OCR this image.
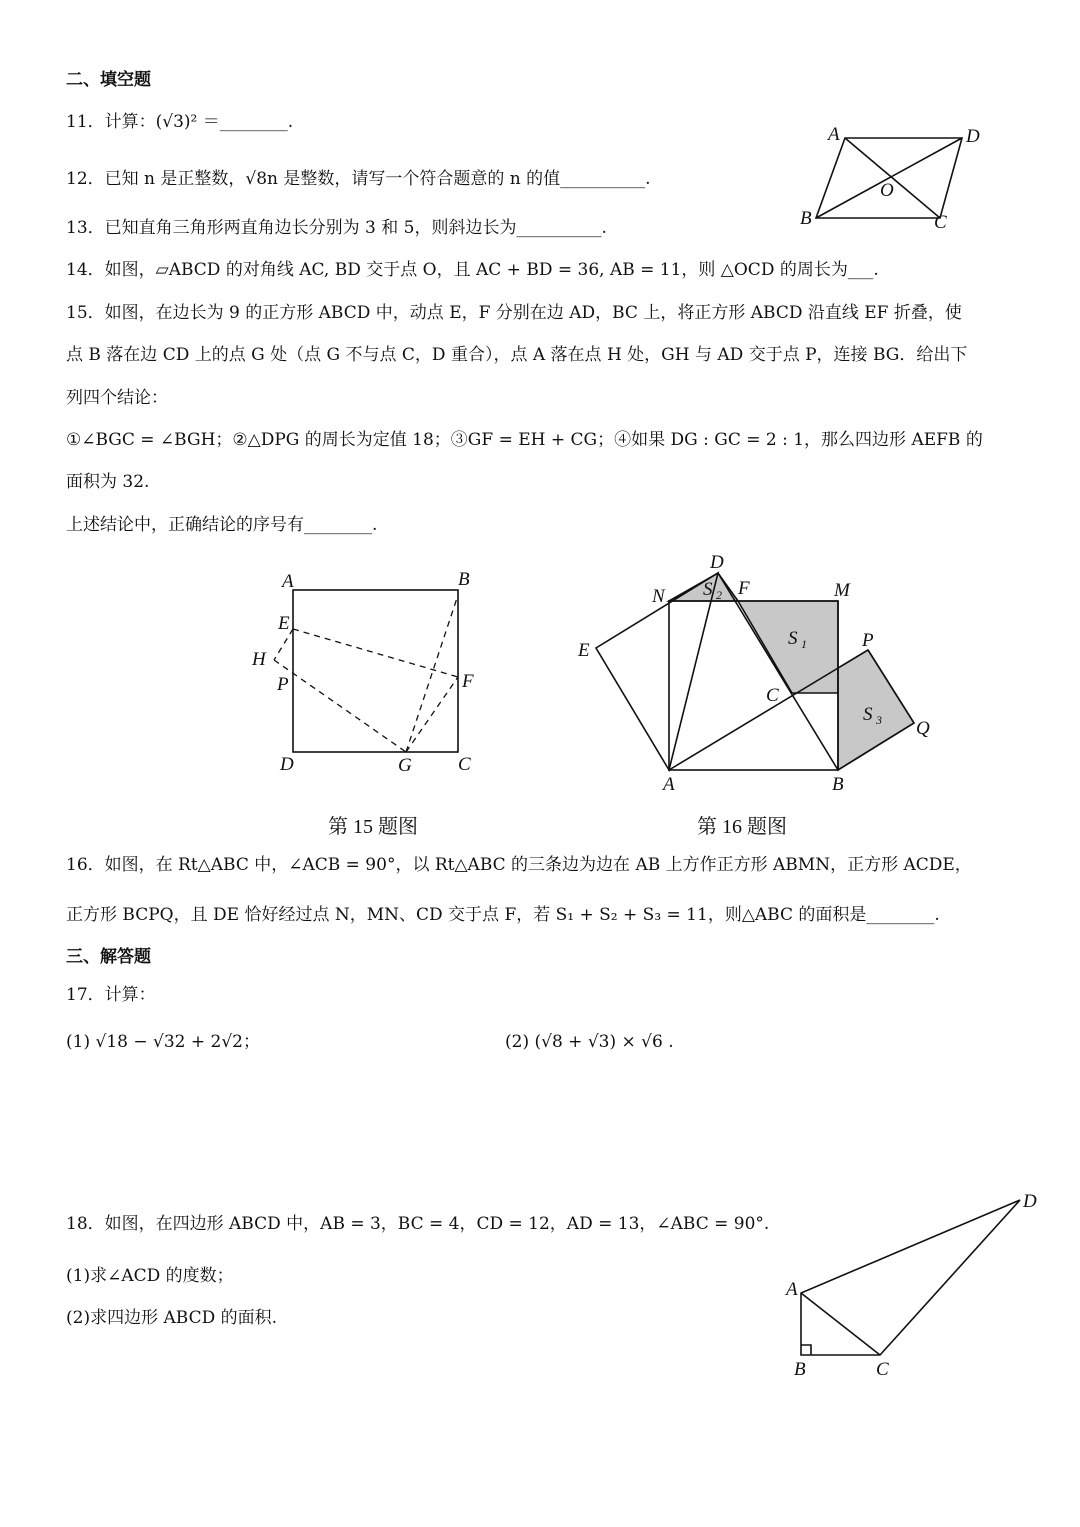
二、填空题
11．计算：(√3)² ＝________.
12．已知 n 是正整数，√8n 是整数，请写一个符合题意的 n 的值__________.
13．已知直角三角形两直角边长分别为 3 和 5，则斜边长为__________.
14．如图，▱ABCD 的对角线 AC, BD 交于点 O，且 AC + BD = 36, AB = 11，则 △OCD 的周长为___.
15．如图，在边长为 9 的正方形 ABCD 中，动点 E，F 分别在边 AD，BC 上，将正方形 ABCD 沿直线 EF 折叠，使
点 B 落在边 CD 上的点 G 处（点 G 不与点 C，D 重合），点 A 落在点 H 处，GH 与 AD 交于点 P，连接 BG．给出下
列四个结论：
①∠BGC = ∠BGH；②△DPG 的周长为定值 18；③GF = EH + CG；④如果 DG : GC = 2 : 1，那么四边形 AEFB 的
面积为 32.
上述结论中，正确结论的序号有________.
A	D
B	C
O
A	B
C
D
E
F
G
H
P
A	B
C
D
E
F	M
N
P
Q
S 1
S 2
S 3
第 15 题图	第 16 题图
16．如图，在 Rt△ABC 中，∠ACB = 90°，以 Rt△ABC 的三条边为边在 AB 上方作正方形 ABMN，正方形 ACDE，
正方形 BCPQ，且 DE 恰好经过点 N，MN、CD 交于点 F，若 S₁ + S₂ + S₃ = 11，则△ABC 的面积是________.
三、解答题
17．计算：
(1) √18 − √32 + 2√2；	(2) (√8 + √3) × √6 .
18．如图，在四边形 ABCD 中，AB = 3，BC = 4，CD = 12，AD = 13，∠ABC = 90°.
(1)求∠ACD 的度数；
(2)求四边形 ABCD 的面积.
A
B	C
D
